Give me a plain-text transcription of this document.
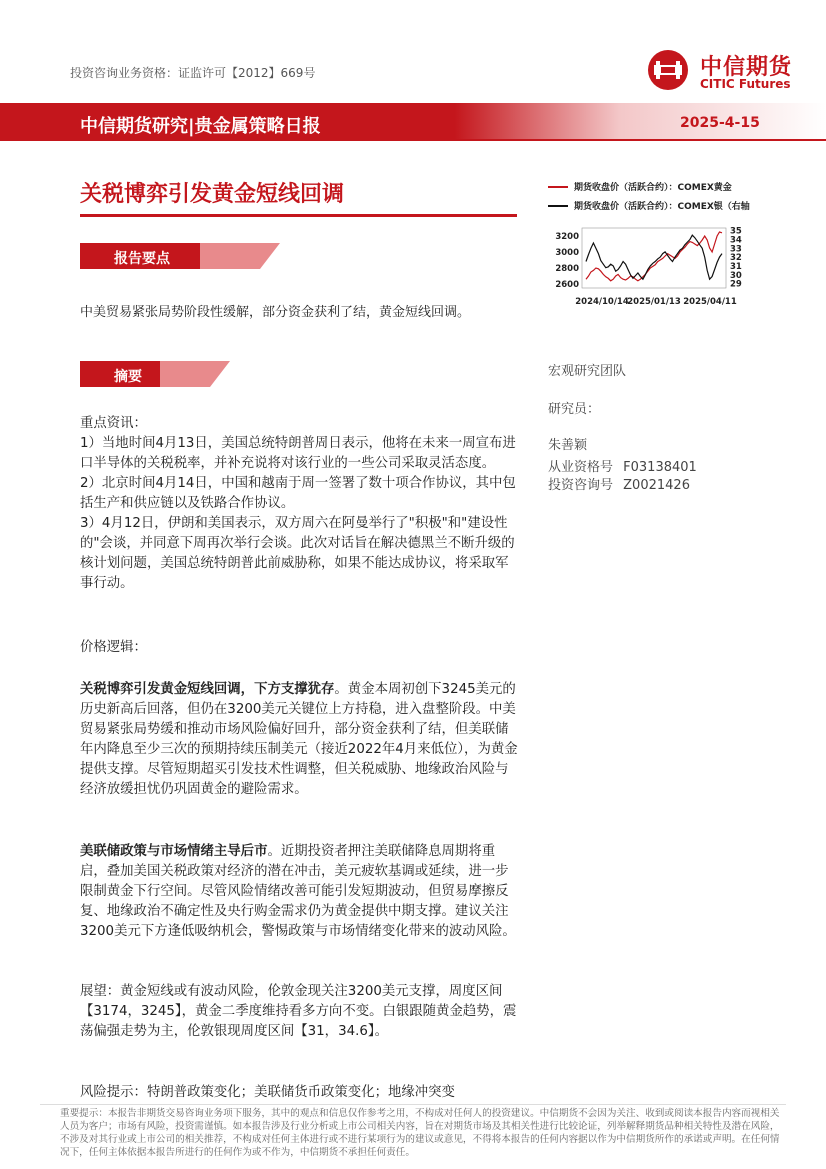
投资咨询业务资格：证监许可【2012】669号	中信期货
CITIC Futures
中信期货研究|贵金属策略日报	2025-4-15
关税博弈引发黄金短线回调
报告要点
中美贸易紧张局势阶段性缓解，部分资金获利了结，黄金短线回调。
摘要

重点资讯：

1）当地时间4月13日，美国总统特朗普周日表示，他将在未来一周宣布进口半导体的关税税率，并补充说将对该行业的一些公司采取灵活态度。

2）北京时间4月14日，中国和越南于周一签署了数十项合作协议，其中包括生产和供应链以及铁路合作协议。

3）4月12日，伊朗和美国表示，双方周六在阿曼举行了"积极"和"建设性的"会谈，并同意下周再次举行会谈。此次对话旨在解决德黑兰不断升级的核计划问题，美国总统特朗普此前威胁称，如果不能达成协议，将采取军事行动。

价格逻辑：

关税博弈引发黄金短线回调，下方支撑犹存。黄金本周初创下3245美元的历史新高后回落，但仍在3200美元关键位上方持稳，进入盘整阶段。中美贸易紧张局势缓和推动市场风险偏好回升，部分资金获利了结，但美联储年内降息至少三次的预期持续压制美元（接近2022年4月来低位），为黄金提供支撑。尽管短期超买引发技术性调整，但关税威胁、地缘政治风险与经济放缓担忧仍巩固黄金的避险需求。

美联储政策与市场情绪主导后市。近期投资者押注美联储降息周期将重启，叠加美国关税政策对经济的潜在冲击，美元疲软基调或延续，进一步限制黄金下行空间。尽管风险情绪改善可能引发短期波动，但贸易摩擦反复、地缘政治不确定性及央行购金需求仍为黄金提供中期支撑。建议关注3200美元下方逢低吸纳机会，警惕政策与市场情绪变化带来的波动风险。

展望：黄金短线或有波动风险，伦敦金现关注3200美元支撑，周度区间【3174，3245】，黄金二季度维持看多方向不变。白银跟随黄金趋势，震荡偏强走势为主，伦敦银现周度区间【31，34.6】。
风险提示：特朗普政策变化；美联储货币政策变化；地缘冲突变
期货收盘价（活跃合约）：COMEX黄金
期货收盘价（活跃合约）：COMEX银（右轴
3200
3000
2800
2600
35
34
33
32
31
30
29
2024/10/14
2025/01/13 2025/04/11
宏观研究团队
研究员：
朱善颖
从业资格号 F03138401
投资咨询号 Z0021426
重要提示：本报告非期货交易咨询业务项下服务，其中的观点和信息仅作参考之用，不构成对任何人的投资建议。中信期货不会因为关注、收到或阅读本报告内容而视相关人员为客户；市场有风险，投资需谨慎。如本报告涉及行业分析或上市公司相关内容，旨在对期货市场及其相关性进行比较论证，列举解释期货品种相关特性及潜在风险，不涉及对其行业或上市公司的相关推荐，不构成对任何主体进行或不进行某项行为的建议或意见，不得将本报告的任何内容据以作为中信期货所作的承诺或声明。在任何情况下，任何主体依据本报告所进行的任何作为或不作为，中信期货不承担任何责任。
